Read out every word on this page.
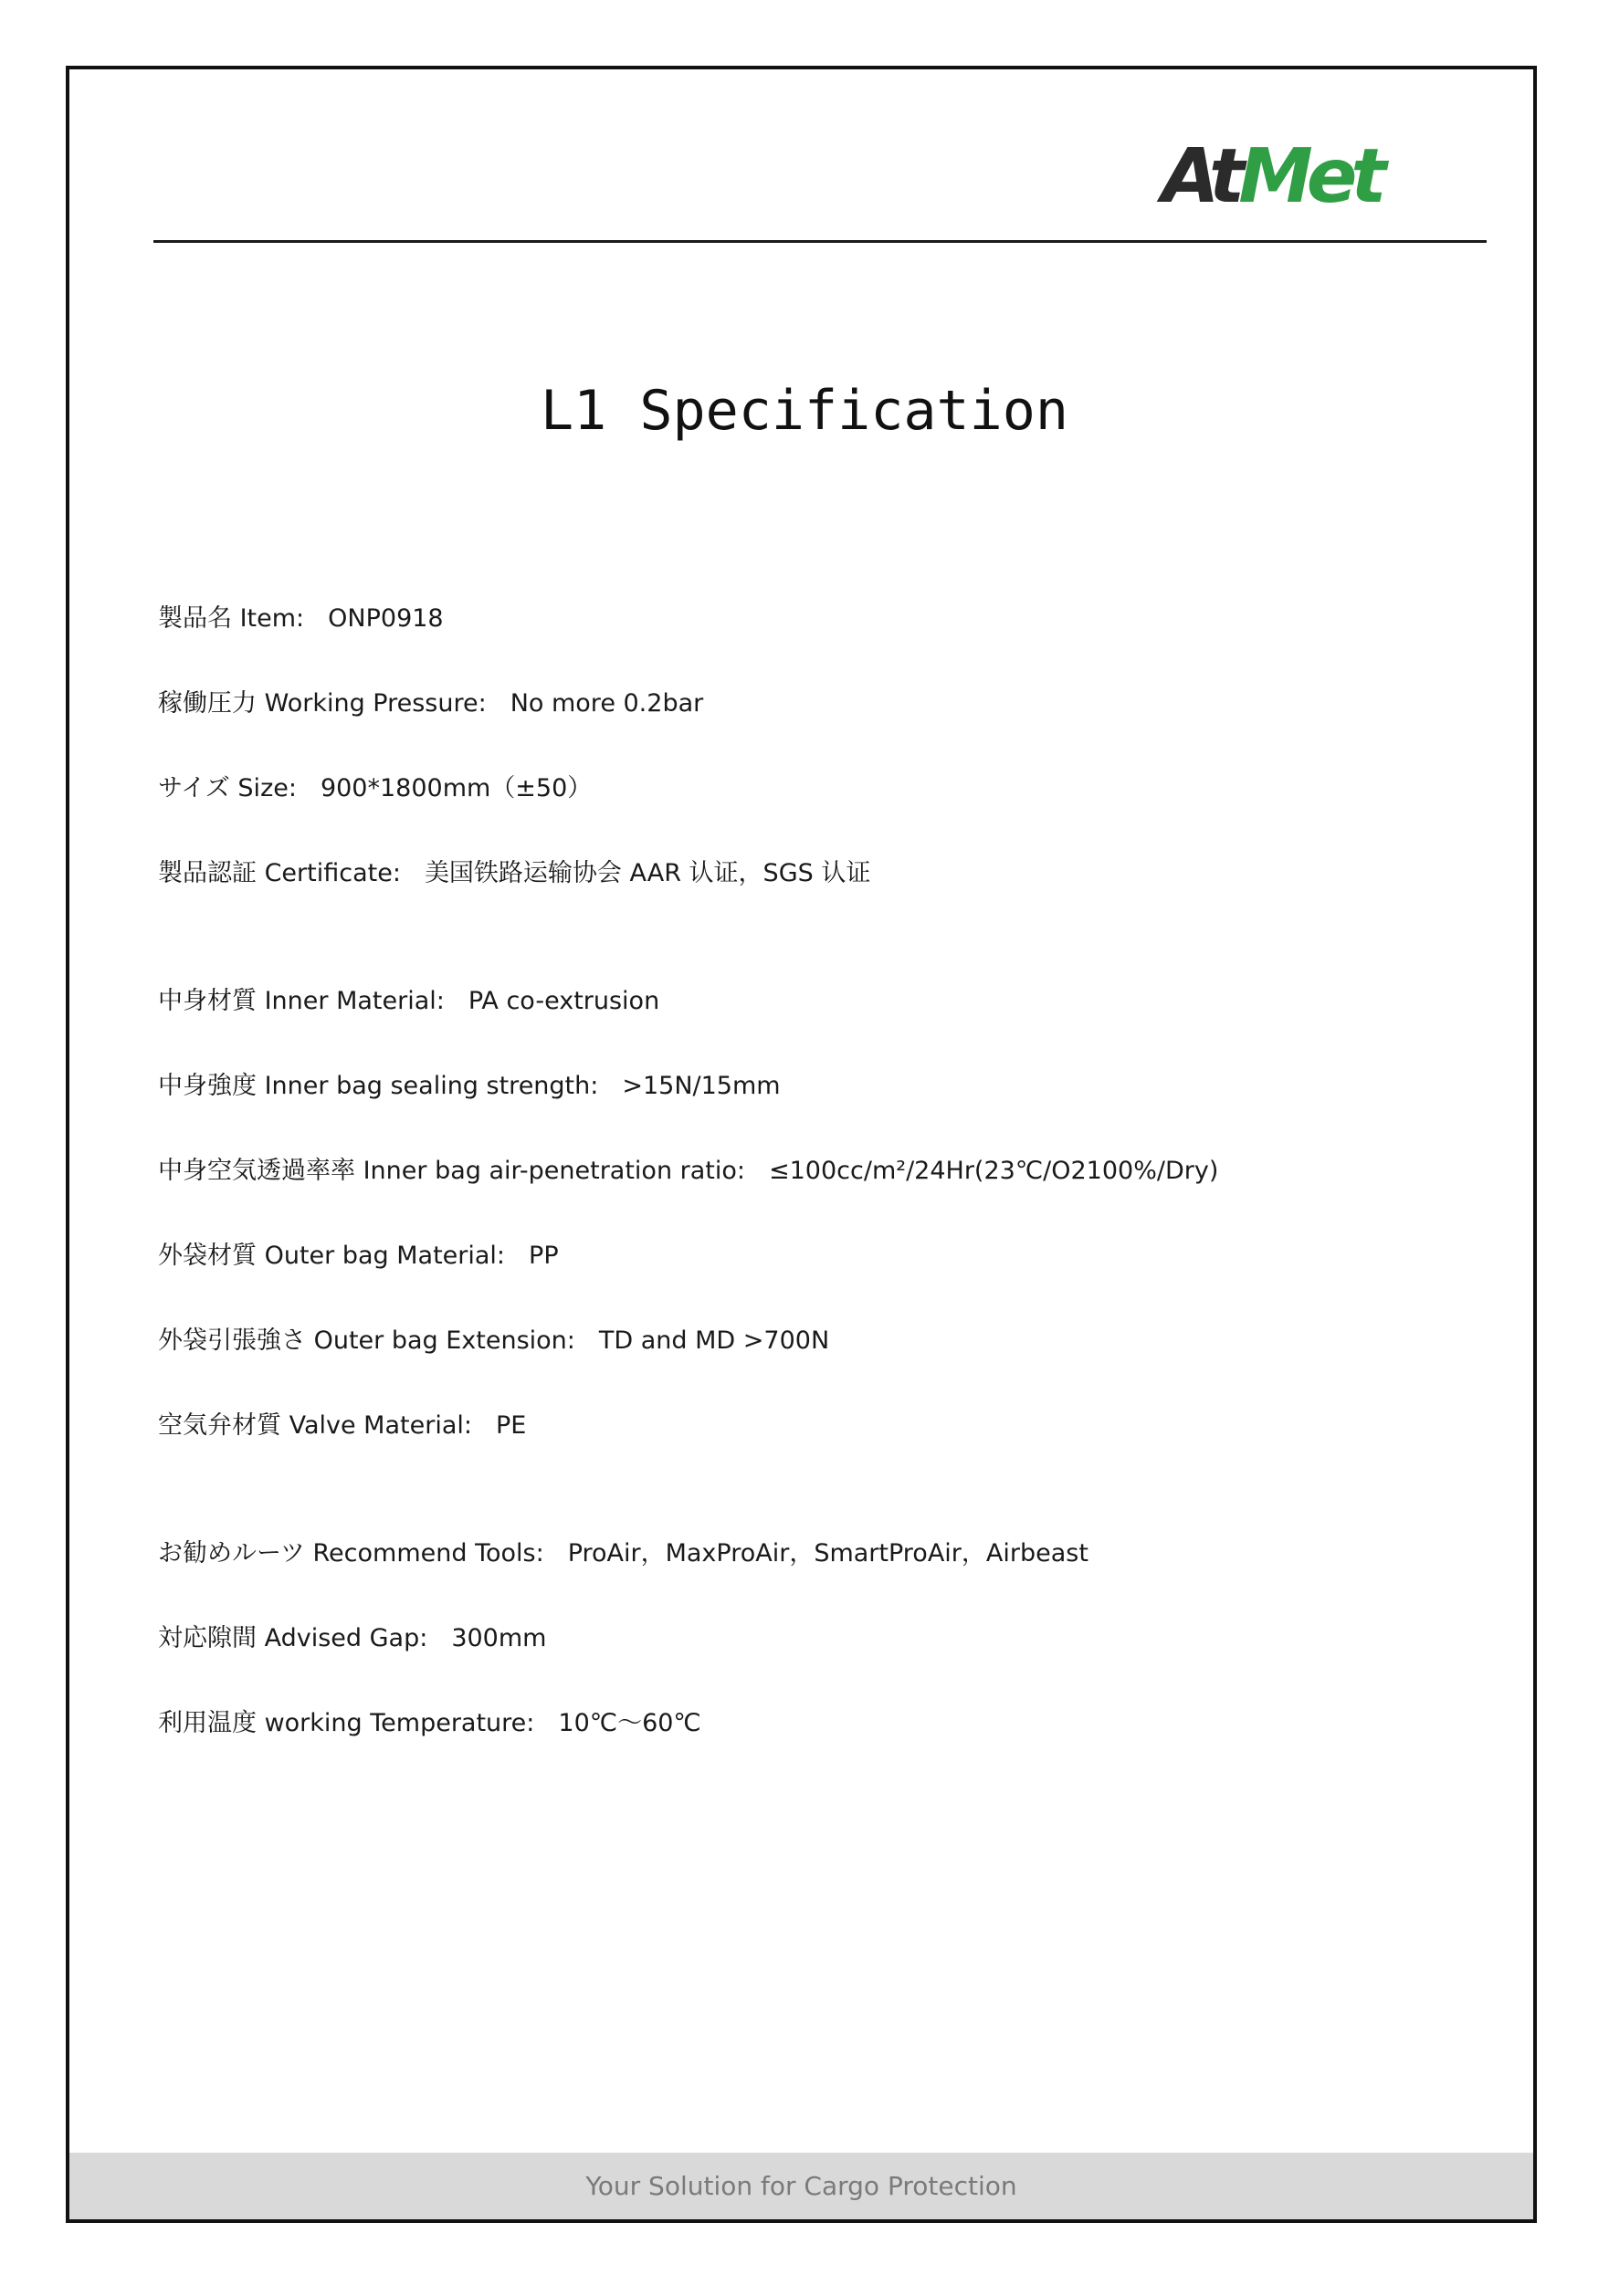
AtMet
L1 Specification
製品名 Item: ONP0918
稼働圧力 Working Pressure: No more 0.2bar
サイズ Size: 900*1800mm（±50）
製品認証 Certificate: 美国铁路运输协会 AAR 认证，SGS 认证
中身材質 Inner Material: PA co-extrusion
中身強度 Inner bag sealing strength: >15N/15mm
中身空気透過率率 Inner bag air-penetration ratio: ≤100cc/m²/24Hr(23℃/O2100%/Dry)
外袋材質 Outer bag Material: PP
外袋引張強さ Outer bag Extension: TD and MD >700N
空気弁材質 Valve Material: PE
お勧めルーツ Recommend Tools: ProAir，MaxProAir，SmartProAir，Airbeast
対応隙間 Advised Gap: 300mm
利用温度 working Temperature: 10℃～60℃
Your Solution for Cargo Protection
